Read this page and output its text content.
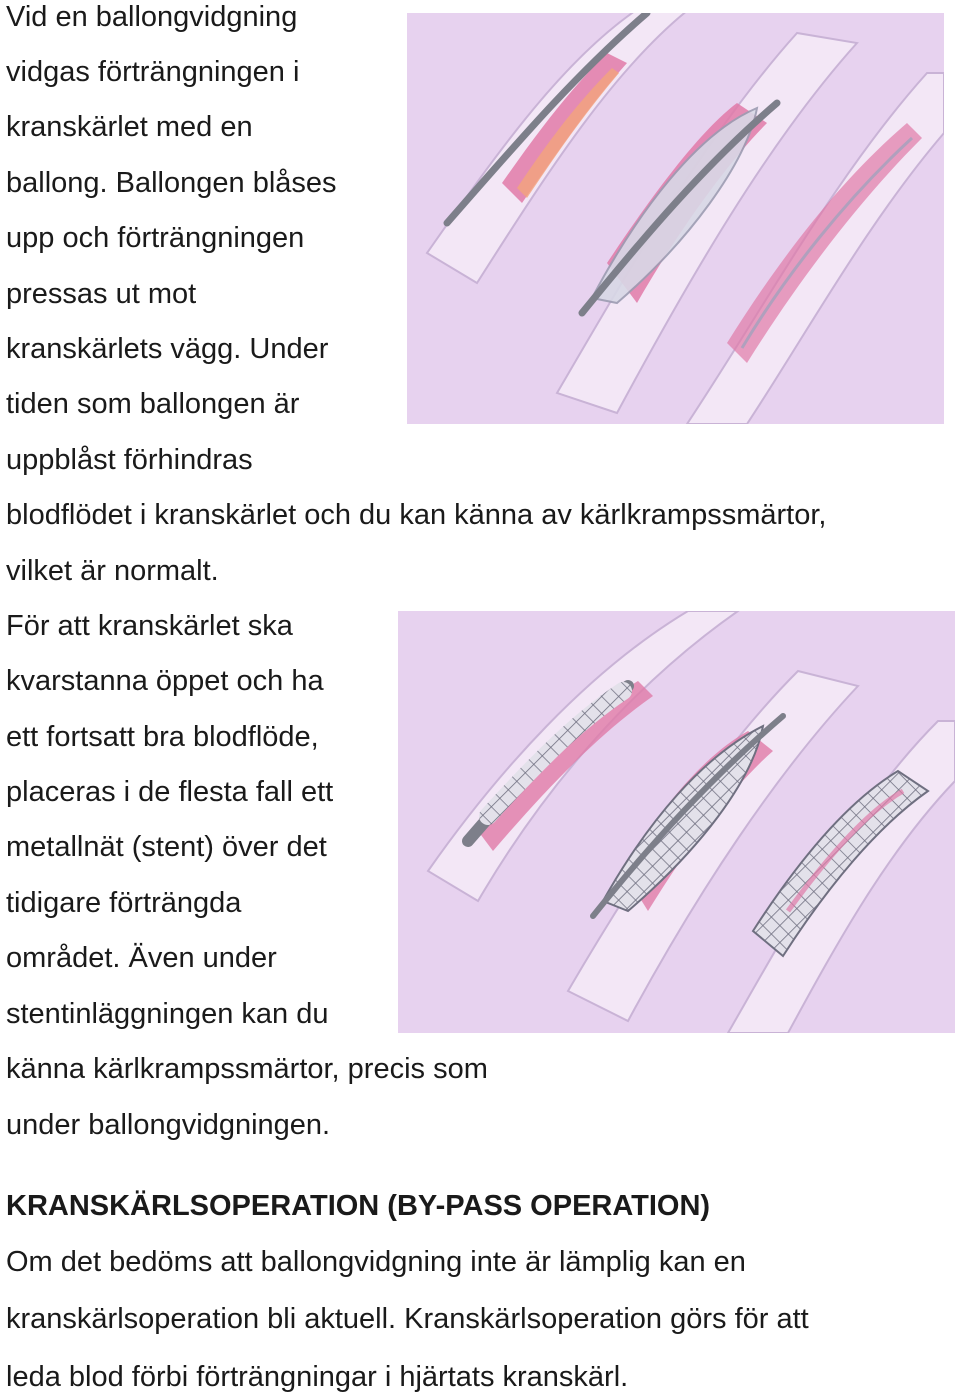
Vid en ballongvidgning

vidgas förträngningen i

kranskärlet med en

ballong. Ballongen blåses

upp och förträngningen

pressas ut mot

kranskärlets vägg. Under

tiden som ballongen är

uppblåst förhindras

blodflödet i kranskärlet och du kan känna av kärlkrampssmärtor,

vilket är normalt.

För att kranskärlet ska

kvarstanna öppet och ha

ett fortsatt bra blodflöde,

placeras i de flesta fall ett

metallnät (stent) över det

tidigare förträngda

området. Även under

stentinläggningen kan du

känna kärlkrampssmärtor, precis som

under ballongvidgningen.

KRANSKÄRLSOPERATION (BY-PASS OPERATION)

Om det bedöms att ballongvidgning inte är lämplig kan en

kranskärlsoperation bli aktuell. Kranskärlsoperation görs för att

leda blod förbi förträngningar i hjärtats kranskärl.
